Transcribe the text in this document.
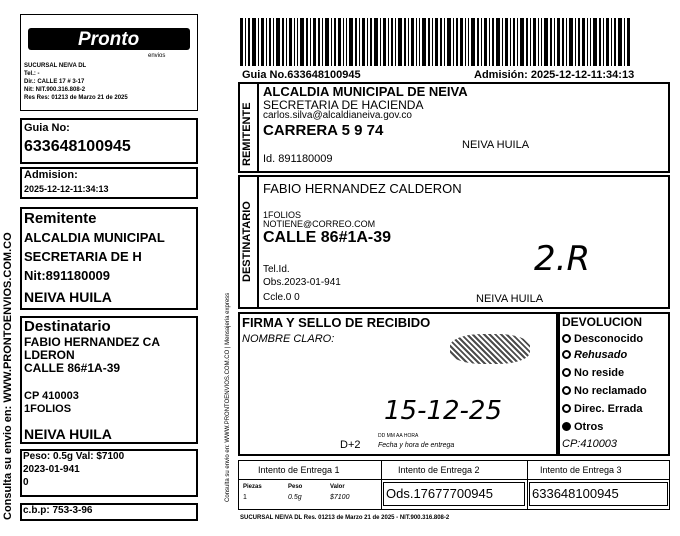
Consulta su envio en: WWW.PRONTOENVIOS.COM.CO
Pronto
envios
SUCURSAL NEIVA DL
Tel.: -
Dir.: CALLE 17 # 3-17
Nit: NIT.900.316.808-2
Res Res: 01213 de Marzo 21 de 2025
Guia No:
633648100945
Admision:
2025-12-12-11:34:13
Remitente
ALCALDIA MUNICIPAL
SECRETARIA DE H
Nit:891180009
NEIVA HUILA
Destinatario
FABIO HERNANDEZ CA
LDERON
CALLE 86#1A-39
CP 410003
1FOLIOS
NEIVA HUILA
Peso: 0.5g Val: $7100
2023-01-941
0
c.b.p: 753-3-96
Guia No.633648100945	Admisión: 2025-12-12-11:34:13
REMITENTE
ALCALDIA MUNICIPAL DE NEIVA
SECRETARIA DE HACIENDA
carlos.silva@alcaldianeiva.gov.co
CARRERA 5 9 74
NEIVA HUILA
Id. 891180009
DESTINATARIO
FABIO HERNANDEZ CALDERON
1FOLIOS
NOTIENE@CORREO.COM
CALLE 86#1A-39
Tel.Id.
Obs.2023-01-941
Ccle.0 0	NEIVA HUILA
2.R
Consulta su envio en: WWW.PRONTOENVIOS.COM.CO | Mensajeria express FIRMA Y SELLO DE RECIBIDO
NOMBRE CLARO:
15-12-25
D+2
DD MM AA HORA
Fecha y hora de entrega
DEVOLUCION
Desconocido
Rehusado
No reside
No reclamado
Direc. Errada
Otros
CP:410003
Intento de Entrega 1	Intento de Entrega 2	Intento de Entrega 3
Piezas
1
Peso
0.5g
Valor
$7100	Ods.17677700945	633648100945
SUCURSAL NEIVA DL Res. 01213 de Marzo 21 de 2025 - NIT.900.316.808-2
